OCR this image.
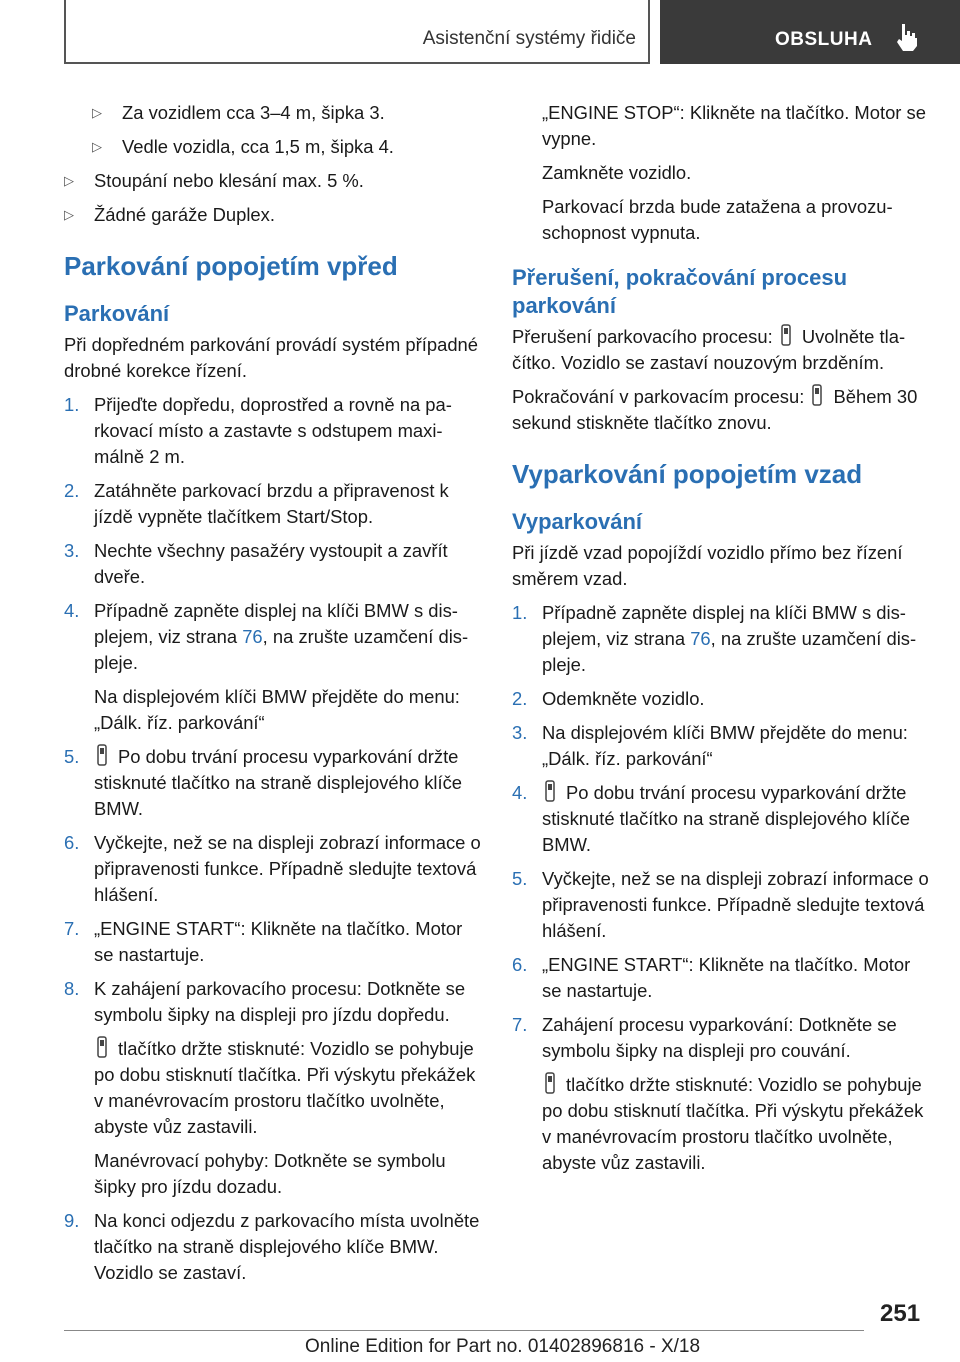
Asistenční systémy řidiče	OBSLUHA
▷ Za vozidlem cca 3–4 m, šipka 3.
▷ Vedle vozidla, cca 1,5 m, šipka 4.
▷ Stoupání nebo klesání max. 5 %.
▷ Žádné garáže Duplex.
Parkování popojetím vpřed
Parkování
Při dopředném parkování provádí systém případné drobné korekce řízení.
1. Přijeďte dopředu, doprostřed a rovně na parkovací místo a zastavte s odstupem maximálně 2 m.
2. Zatáhněte parkovací brzdu a připravenost k jízdě vypněte tlačítkem Start/Stop.
3. Nechte všechny pasažéry vystoupit a zavřít dveře.
4. Případně zapněte displej na klíči BMW s displejem, viz strana 76, na zrušte uzamčení displeje.
Na displejovém klíči BMW přejděte do menu: „Dálk. říz. parkování“
5. Po dobu trvání procesu vyparkování držte stisknuté tlačítko na straně displejového klíče BMW.
6. Vyčkejte, než se na displeji zobrazí informace o připravenosti funkce. Případně sledujte textová hlášení.
7. „ENGINE START“: Klikněte na tlačítko. Motor se nastartuje.
8. K zahájení parkovacího procesu: Dotkněte se symbolu šipky na displeji pro jízdu dopředu.
tlačítko držte stisknuté: Vozidlo se pohybuje po dobu stisknutí tlačítka. Při výskytu překážek v manévrovacím prostoru tlačítko uvolněte, abyste vůz zastavili.
Manévrovací pohyby: Dotkněte se symbolu šipky pro jízdu dozadu.
9. Na konci odjezdu z parkovacího místa uvolněte tlačítko na straně displejového klíče BMW. Vozidlo se zastaví.
„ENGINE STOP“: Klikněte na tlačítko. Motor se vypne.
Zamkněte vozidlo.
Parkovací brzda bude zatažena a provozuschopnost vypnuta.
Přerušení, pokračování procesu parkování
Přerušení parkovacího procesu: Uvolněte tlačítko. Vozidlo se zastaví nouzovým brzděním.
Pokračování v parkovacím procesu: Během 30 sekund stiskněte tlačítko znovu.
Vyparkování popojetím vzad
Vyparkování
Při jízdě vzad popojíždí vozidlo přímo bez řízení směrem vzad.
1. Případně zapněte displej na klíči BMW s displejem, viz strana 76, na zrušte uzamčení displeje.
2. Odemkněte vozidlo.
3. Na displejovém klíči BMW přejděte do menu: „Dálk. říz. parkování“
4. Po dobu trvání procesu vyparkování držte stisknuté tlačítko na straně displejového klíče BMW.
5. Vyčkejte, než se na displeji zobrazí informace o připravenosti funkce. Případně sledujte textová hlášení.
6. „ENGINE START“: Klikněte na tlačítko. Motor se nastartuje.
7. Zahájení procesu vyparkování: Dotkněte se symbolu šipky na displeji pro couvání.
tlačítko držte stisknuté: Vozidlo se pohybuje po dobu stisknutí tlačítka. Při výskytu překážek v manévrovacím prostoru tlačítko uvolněte, abyste vůz zastavili.
251
Online Edition for Part no. 01402896816 - X/18
